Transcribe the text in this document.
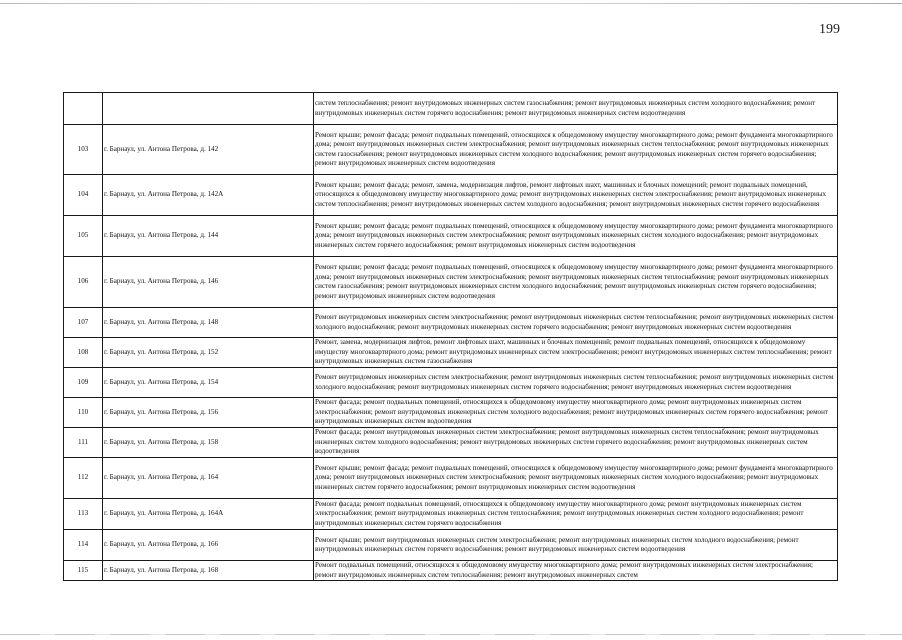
199
		систем теплоснабжения; ремонт внутридомовых инженерных систем газоснабжения; ремонт внутридомовых инженерных систем холодного водоснабжения; ремонт внутридомовых инженерных систем горячего водоснабжения; ремонт внутридомовых инженерных систем водоотведения
103	г. Барнаул, ул. Антона Петрова, д. 142	Ремонт крыши; ремонт фасада; ремонт подвальных помещений, относящихся к общедомовому имуществу многоквартирного дома; ремонт фундамента многоквартирного дома; ремонт внутридомовых инженерных систем электроснабжения; ремонт внутридомовых инженерных систем теплоснабжения; ремонт внутридомовых инженерных систем газоснабжения; ремонт внутридомовых инженерных систем холодного водоснабжения; ремонт внутридомовых инженерных систем горячего водоснабжения; ремонт внутридомовых инженерных систем водоотведения
104	г. Барнаул, ул. Антона Петрова, д. 142А	Ремонт крыши; ремонт фасада; ремонт, замена, модернизация лифтов, ремонт лифтовых шахт, машинных и блочных помещений; ремонт подвальных помещений, относящихся к общедомовому имуществу многоквартирного дома; ремонт внутридомовых инженерных систем электроснабжения; ремонт внутридомовых инженерных систем теплоснабжения; ремонт внутридомовых инженерных систем холодного водоснабжения; ремонт внутридомовых инженерных систем горячего водоснабжения
105	г. Барнаул, ул. Антона Петрова, д. 144	Ремонт крыши; ремонт фасада; ремонт подвальных помещений, относящихся к общедомовому имуществу многоквартирного дома; ремонт фундамента многоквартирного дома; ремонт внутридомовых инженерных систем электроснабжения; ремонт внутридомовых инженерных систем холодного водоснабжения; ремонт внутридомовых инженерных систем горячего водоснабжения; ремонт внутридомовых инженерных систем водоотведения
106	г. Барнаул, ул. Антона Петрова, д. 146	Ремонт крыши; ремонт фасада; ремонт подвальных помещений, относящихся к общедомовому имуществу многоквартирного дома; ремонт фундамента многоквартирного дома; ремонт внутридомовых инженерных систем электроснабжения; ремонт внутридомовых инженерных систем теплоснабжения; ремонт внутридомовых инженерных систем газоснабжения; ремонт внутридомовых инженерных систем холодного водоснабжения; ремонт внутридомовых инженерных систем горячего водоснабжения; ремонт внутридомовых инженерных систем водоотведения
107	г. Барнаул, ул. Антона Петрова, д. 148	Ремонт внутридомовых инженерных систем электроснабжения; ремонт внутридомовых инженерных систем теплоснабжения; ремонт внутридомовых инженерных систем холодного водоснабжения; ремонт внутридомовых инженерных систем горячего водоснабжения; ремонт внутридомовых инженерных систем водоотведения
108	г. Барнаул, ул. Антона Петрова, д. 152	Ремонт, замена, модернизация лифтов, ремонт лифтовых шахт, машинных и блочных помещений; ремонт подвальных помещений, относящихся к общедомовому имуществу многоквартирного дома; ремонт внутридомовых инженерных систем электроснабжения; ремонт внутридомовых инженерных систем теплоснабжения; ремонт внутридомовых инженерных систем газоснабжения
109	г. Барнаул, ул. Антона Петрова, д. 154	Ремонт внутридомовых инженерных систем электроснабжения; ремонт внутридомовых инженерных систем теплоснабжения; ремонт внутридомовых инженерных систем холодного водоснабжения; ремонт внутридомовых инженерных систем горячего водоснабжения; ремонт внутридомовых инженерных систем водоотведения
110	г. Барнаул, ул. Антона Петрова, д. 156	Ремонт фасада; ремонт подвальных помещений, относящихся к общедомовому имуществу многоквартирного дома; ремонт внутридомовых инженерных систем электроснабжения; ремонт внутридомовых инженерных систем холодного водоснабжения; ремонт внутридомовых инженерных систем горячего водоснабжения; ремонт внутридомовых инженерных систем водоотведения
111	г. Барнаул, ул. Антона Петрова, д. 158	Ремонт фасада; ремонт внутридомовых инженерных систем электроснабжения; ремонт внутридомовых инженерных систем теплоснабжения; ремонт внутридомовых инженерных систем холодного водоснабжения; ремонт внутридомовых инженерных систем горячего водоснабжения; ремонт внутридомовых инженерных систем водоотведения
112	г. Барнаул, ул. Антона Петрова, д. 164	Ремонт крыши; ремонт фасада; ремонт подвальных помещений, относящихся к общедомовому имуществу многоквартирного дома; ремонт фундамента многоквартирного дома; ремонт внутридомовых инженерных систем электроснабжения; ремонт внутридомовых инженерных систем холодного водоснабжения; ремонт внутридомовых инженерных систем горячего водоснабжения; ремонт внутридомовых инженерных систем водоотведения
113	г. Барнаул, ул. Антона Петрова, д. 164А	Ремонт фасада; ремонт подвальных помещений, относящихся к общедомовому имуществу многоквартирного дома; ремонт внутридомовых инженерных систем электроснабжения; ремонт внутридомовых инженерных систем теплоснабжения; ремонт внутридомовых инженерных систем холодного водоснабжения; ремонт внутридомовых инженерных систем горячего водоснабжения
114	г. Барнаул, ул. Антона Петрова, д. 166	Ремонт крыши; ремонт внутридомовых инженерных систем электроснабжения; ремонт внутридомовых инженерных систем холодного водоснабжения; ремонт внутридомовых инженерных систем горячего водоснабжения; ремонт внутридомовых инженерных систем водоотведения
115	г. Барнаул, ул. Антона Петрова, д. 168	Ремонт подвальных помещений, относящихся к общедомовому имуществу многоквартирного дома; ремонт внутридомовых инженерных систем электроснабжения; ремонт внутридомовых инженерных систем теплоснабжения; ремонт внутридомовых инженерных систем
